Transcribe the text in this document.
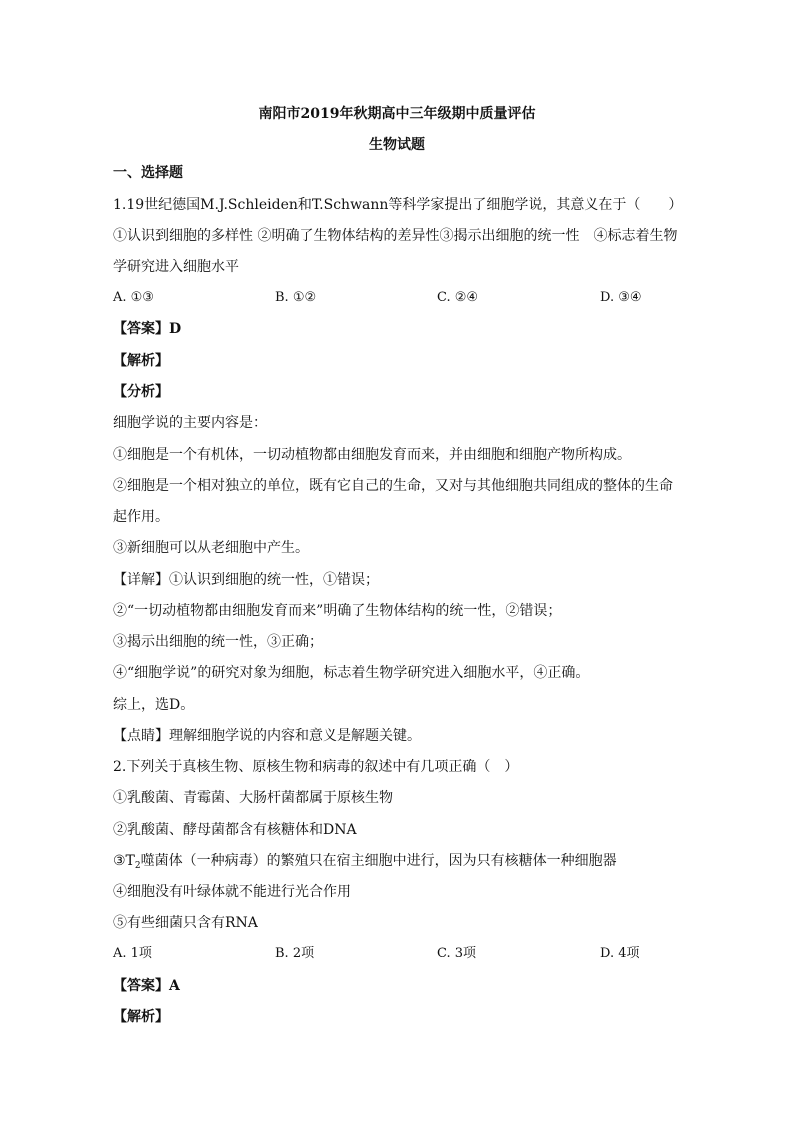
南阳市2019年秋期高中三年级期中质量评估
生物试题
一、选择题
1.19世纪德国M.J.Schleiden和T.Schwann等科学家提出了细胞学说，其意义在于（　　）
①认识到细胞的多样性 ②明确了生物体结构的差异性③揭示出细胞的统一性　④标志着生物
学研究进入细胞水平
A. ①③	B. ①②	C. ②④	D. ③④
【答案】D
【解析】
【分析】
细胞学说的主要内容是：
①细胞是一个有机体，一切动植物都由细胞发育而来，并由细胞和细胞产物所构成。
②细胞是一个相对独立的单位，既有它自己的生命，又对与其他细胞共同组成的整体的生命
起作用。
③新细胞可以从老细胞中产生。
【详解】①认识到细胞的统一性，①错误；
②“一切动植物都由细胞发育而来”明确了生物体结构的统一性，②错误；
③揭示出细胞的统一性，③正确；
④“细胞学说”的研究对象为细胞，标志着生物学研究进入细胞水平，④正确。
综上，选D。
【点睛】理解细胞学说的内容和意义是解题关键。
2.下列关于真核生物、原核生物和病毒的叙述中有几项正确（　）
①乳酸菌、青霉菌、大肠杆菌都属于原核生物
②乳酸菌、酵母菌都含有核糖体和DNA
$③T_2$噬菌体（一种病毒）的繁殖只在宿主细胞中进行，因为只有核糖体一种细胞器
④细胞没有叶绿体就不能进行光合作用
⑤有些细菌只含有RNA
A. 1项	B. 2项	C. 3项	D. 4项
【答案】A
【解析】
